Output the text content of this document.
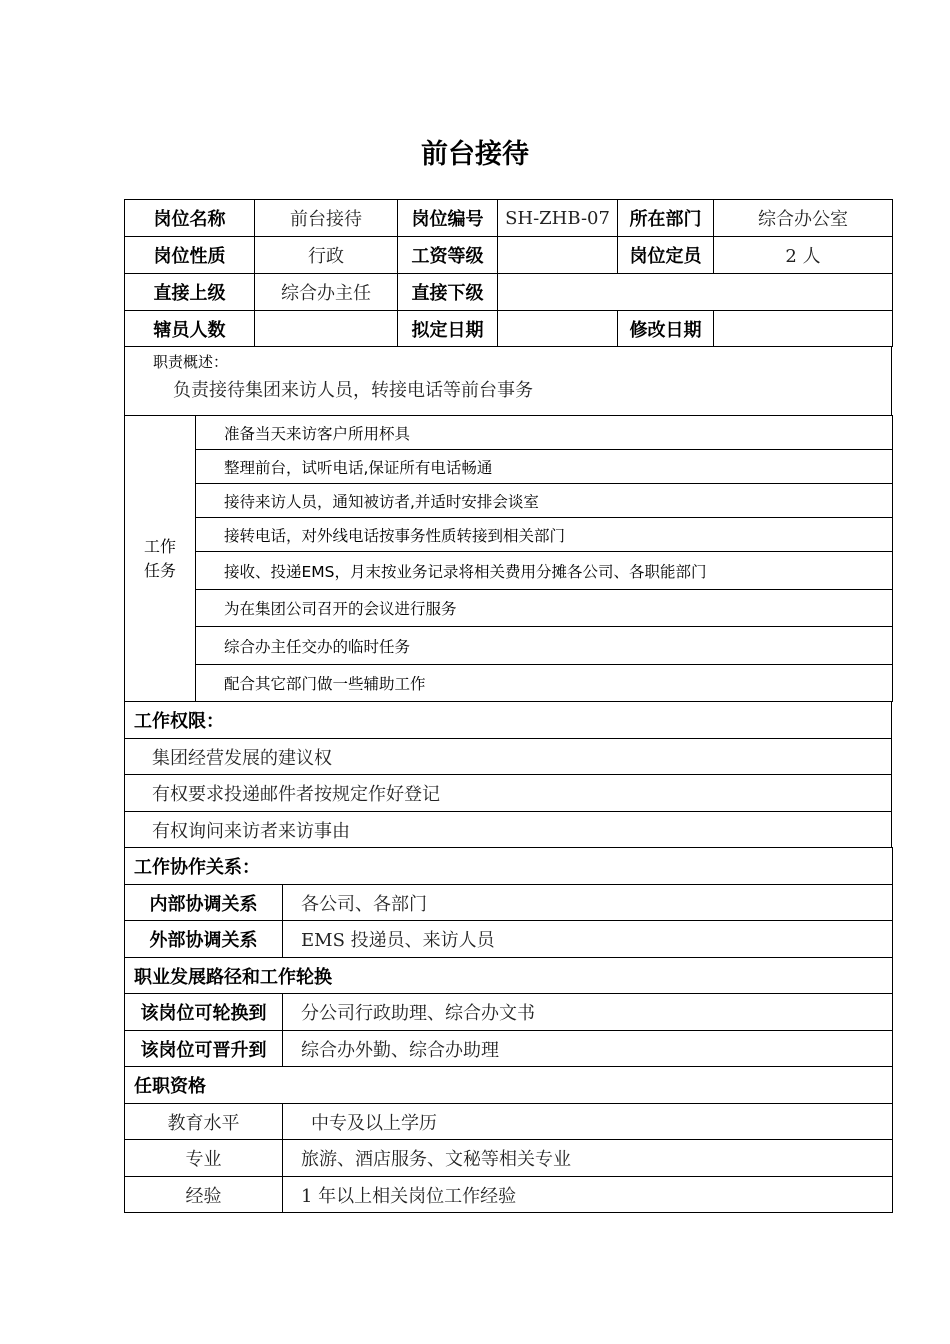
前台接待
岗位名称	前台接待	岗位编号	SH-ZHB-07	所在部门	综合办公室
岗位性质	行政	工资等级		岗位定员	2 人
直接上级	综合办主任	直接下级			
辖员人数		拟定日期		修改日期	
职责概述：
负责接待集团来访人员，转接电话等前台事务
工作
任务
	准备当天来访客户所用杯具
整理前台，试听电话,保证所有电话畅通
接待来访人员，通知被访者,并适时安排会谈室
接转电话，对外线电话按事务性质转接到相关部门
接收、投递EMS，月末按业务记录将相关费用分摊各公司、各职能部门
为在集团公司召开的会议进行服务
综合办主任交办的临时任务
配合其它部门做一些辅助工作
工作权限：
集团经营发展的建议权
有权要求投递邮件者按规定作好登记
有权询问来访者来访事由
工作协作关系：	
内部协调关系	各公司、各部门
外部协调关系	EMS 投递员、来访人员
职业发展路径和工作轮换	
该岗位可轮换到	分公司行政助理、综合办文书
该岗位可晋升到	综合办外勤、综合办助理
任职资格	
教育水平	中专及以上学历
专业	旅游、酒店服务、文秘等相关专业
经验	1 年以上相关岗位工作经验
